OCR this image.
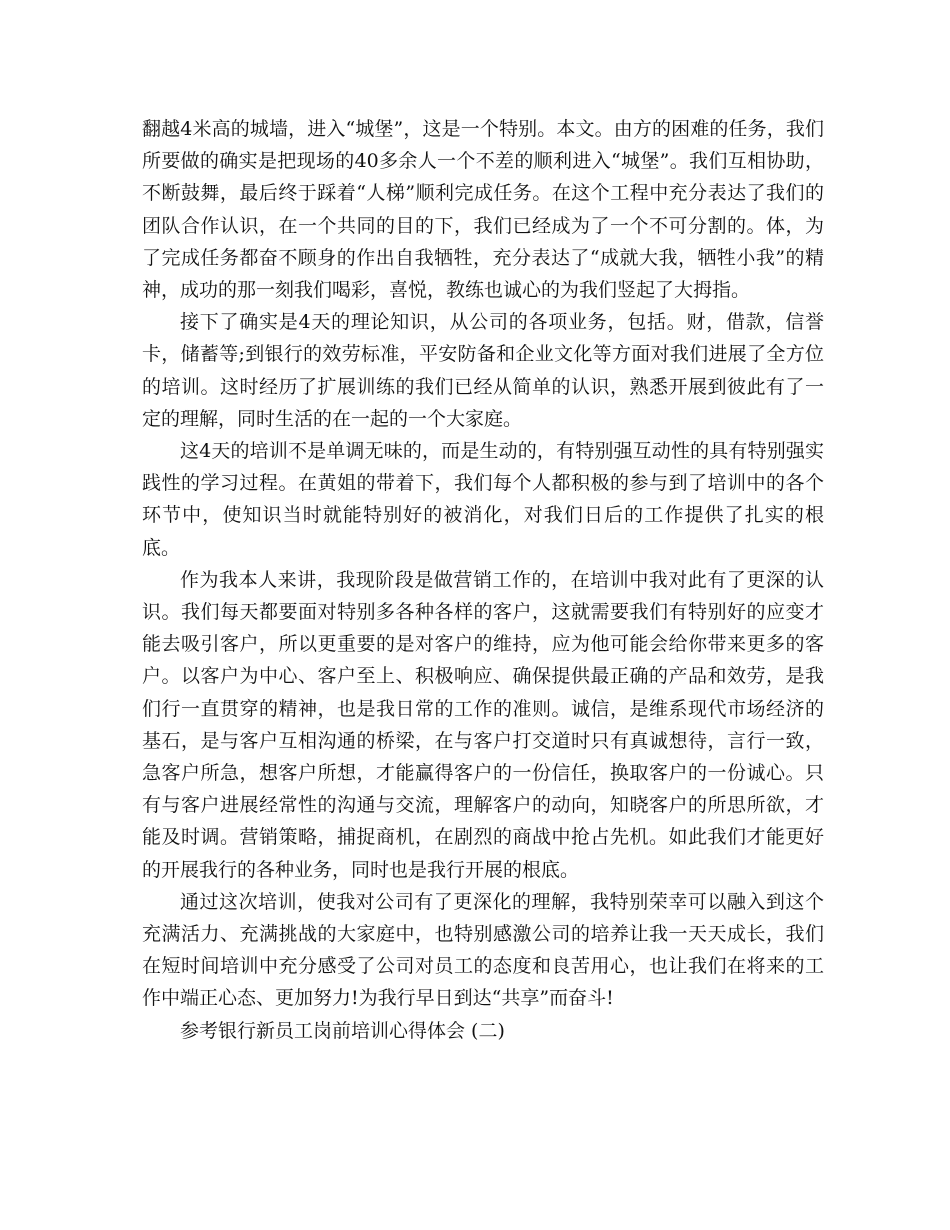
翻越4米高的城墙，进入“城堡”，这是一个特别。本文。由方的困难的任务，我们所要做的确实是把现场的40多余人一个不差的顺利进入“城堡”。我们互相协助，不断鼓舞，最后终于踩着“人梯”顺利完成任务。在这个工程中充分表达了我们的团队合作认识，在一个共同的目的下，我们已经成为了一个不可分割的。体，为了完成任务都奋不顾身的作出自我牺牲，充分表达了“成就大我，牺牲小我”的精神，成功的那一刻我们喝彩，喜悦，教练也诚心的为我们竖起了大拇指。

接下了确实是4天的理论知识，从公司的各项业务，包括。财，借款，信誉卡，储蓄等;到银行的效劳标准，平安防备和企业文化等方面对我们进展了全方位的培训。这时经历了扩展训练的我们已经从简单的认识，熟悉开展到彼此有了一定的理解，同时生活的在一起的一个大家庭。

这4天的培训不是单调无味的，而是生动的，有特别强互动性的具有特别强实践性的学习过程。在黄姐的带着下，我们每个人都积极的参与到了培训中的各个环节中，使知识当时就能特别好的被消化，对我们日后的工作提供了扎实的根底。

作为我本人来讲，我现阶段是做营销工作的，在培训中我对此有了更深的认识。我们每天都要面对特别多各种各样的客户，这就需要我们有特别好的应变才能去吸引客户，所以更重要的是对客户的维持，应为他可能会给你带来更多的客户。以客户为中心、客户至上、积极响应、确保提供最正确的产品和效劳，是我们行一直贯穿的精神，也是我日常的工作的准则。诚信，是维系现代市场经济的基石，是与客户互相沟通的桥梁，在与客户打交道时只有真诚想待，言行一致，急客户所急，想客户所想，才能赢得客户的一份信任，换取客户的一份诚心。只有与客户进展经常性的沟通与交流，理解客户的动向，知晓客户的所思所欲，才能及时调。营销策略，捕捉商机，在剧烈的商战中抢占先机。如此我们才能更好的开展我行的各种业务，同时也是我行开展的根底。

通过这次培训，使我对公司有了更深化的理解，我特别荣幸可以融入到这个充满活力、充满挑战的大家庭中，也特别感激公司的培养让我一天天成长，我们在短时间培训中充分感受了公司对员工的态度和良苦用心，也让我们在将来的工作中端正心态、更加努力!为我行早日到达“共享”而奋斗!

参考银行新员工岗前培训心得体会 (二)
